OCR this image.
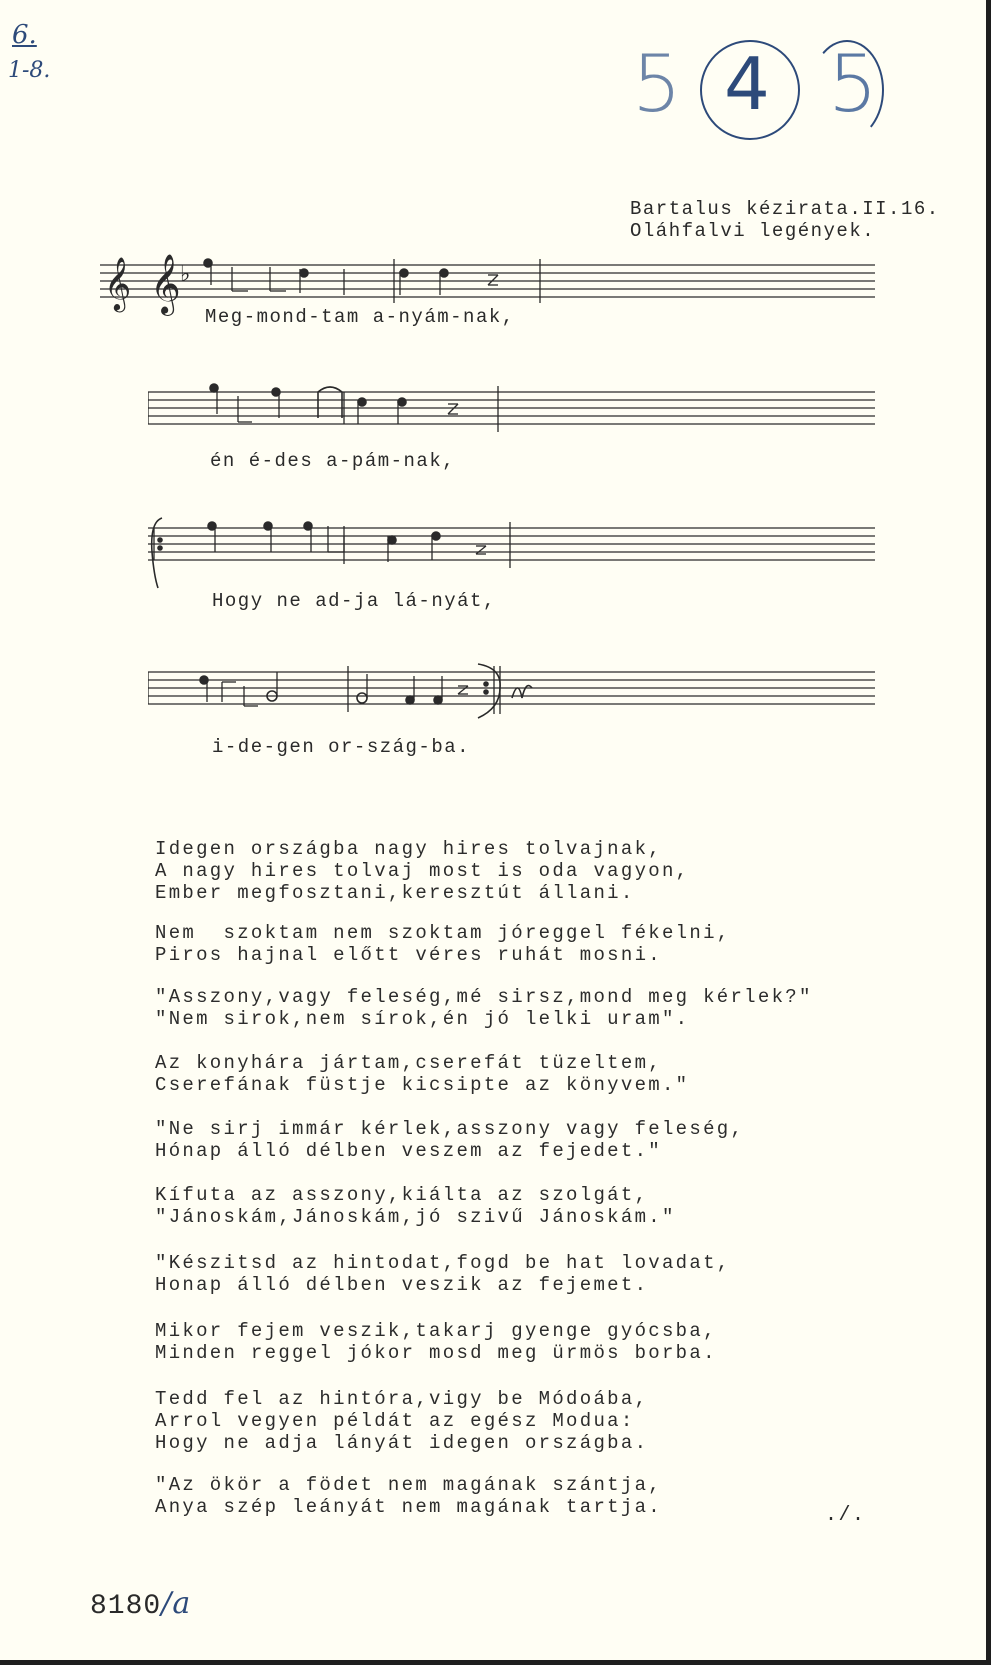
6.
1-8.	5 4 5
Bartalus kézirata.II.16.
Oláhfalvi legények.
𝄞 𝄞 ♭
Meg-mond-tam a-nyám-nak,
én é-des a-pám-nak,
Hogy ne ad-ja lá-nyát,
i-de-gen or-szág-ba.
Idegen országba nagy hires tolvajnak,
A nagy hires tolvaj most is oda vagyon,
Ember megfosztani,keresztút állani.
Nem  szoktam nem szoktam jóreggel fékelni,
Piros hajnal előtt véres ruhát mosni.
"Asszony,vagy feleség,mé sirsz,mond meg kérlek?"
"Nem sirok,nem sírok,én jó lelki uram".
Az konyhára jártam,cserefát tüzeltem,
Cserefának füstje kicsipte az könyvem."
"Ne sirj immár kérlek,asszony vagy feleség,
Hónap álló délben veszem az fejedet."
Kífuta az asszony,kiálta az szolgát,
"Jánoskám,Jánoskám,jó szivű Jánoskám."
"Készitsd az hintodat,fogd be hat lovadat,
Honap álló délben veszik az fejemet.
Mikor fejem veszik,takarj gyenge gyócsba,
Minden reggel jókor mosd meg ürmös borba.
Tedd fel az hintóra,vigy be Módoába,
Arrol vegyen példát az egész Modua:
Hogy ne adja lányát idegen országba.
"Az ökör a födet nem magának szántja,
Anya szép leányát nem magának tartja.	./.
8180/a
